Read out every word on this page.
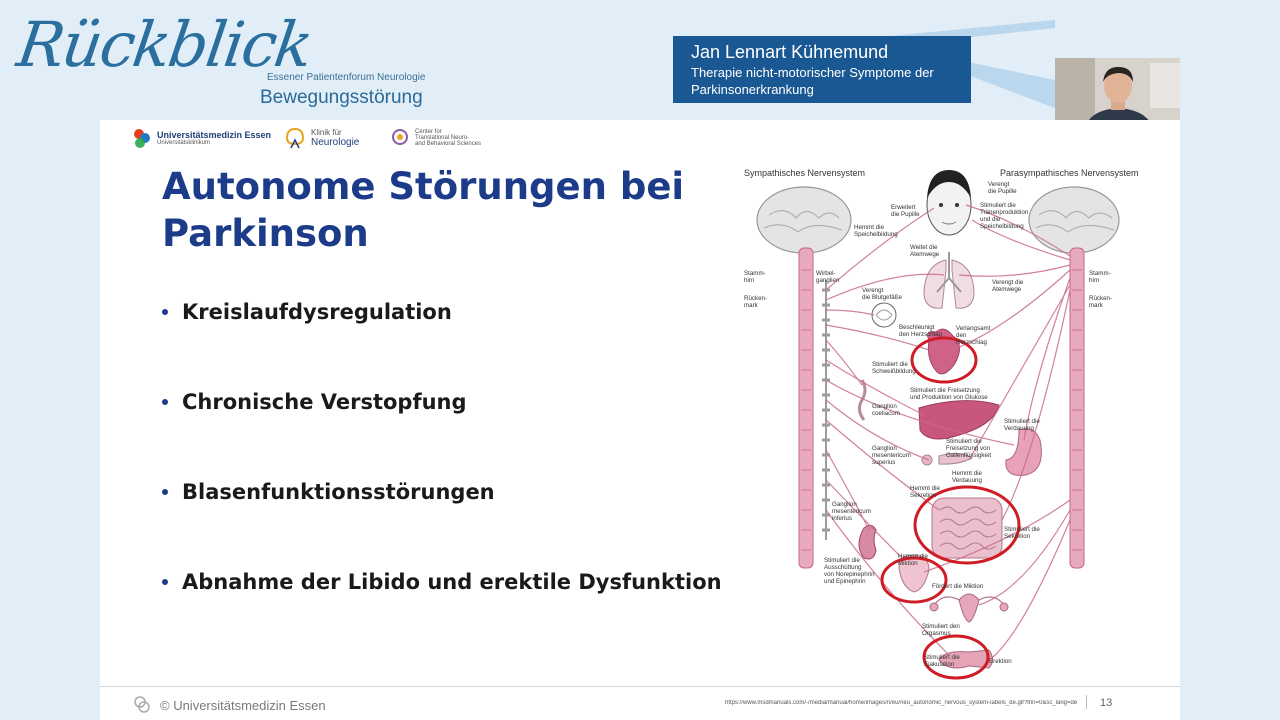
Rückblick
Essener Patientenforum Neurologie
Bewegungsstörung
Jan Lennart Kühnemund
Therapie nicht-motorischer Symptome der
Parkinsonerkrankung
Universitätsmedizin Essen
Universitätsklinikum
Klinik für
Neurologie
Center for
Translational Neuro-
and Behavioral Sciences
Autonome Störungen bei
Parkinson
Kreislaufdysregulation
Chronische Verstopfung
Blasenfunktionsstörungen
Abnahme der Libido und erektile Dysfunktion
Sympathisches Nervensystem	Parasympathisches Nervensystem
Erweitert die Pupille
Hemmt die Speichelbildung
Weitet die Atemwege
Verengt die Pupille
Stimuliert die Tränenproduktion und die Speichelbildung
Stamm-hirn
Wirbel-ganglien
Rücken-mark
Verengt die Blutgefäße
Verengt die Atemwege
Stamm-hirn
Rücken-mark
Beschleunigt den Herzschlag
Verlangsamt den Herzschlag
Stimuliert die Schweißbildung
Stimuliert die Freisetzung und Produktion von Glukose
Ganglion coeliacum
Stimuliert die Verdauung
Stimuliert die Freisetzung von Gallenflüssigkeit
Ganglion mesentericum superius
Hemmt die Verdauung
Hemmt die Sekretion
Stimuliert die Sekretion
Ganglion mesentericum inferius
Stimuliert die Ausschüttung von Norepinephrin und Epinephrin
Hemmt die Miktion
Fördert die Miktion
Stimuliert den Orgasmus
Stimuliert die Ejakulation	Erektion
© Universitätsmedizin Essen	https://www.msdmanuals.com/-/media/manual/home/images/n/eu/neu_autonomic_nervous_system-labels_de.gif?thn=0&sc_lang=de 13
